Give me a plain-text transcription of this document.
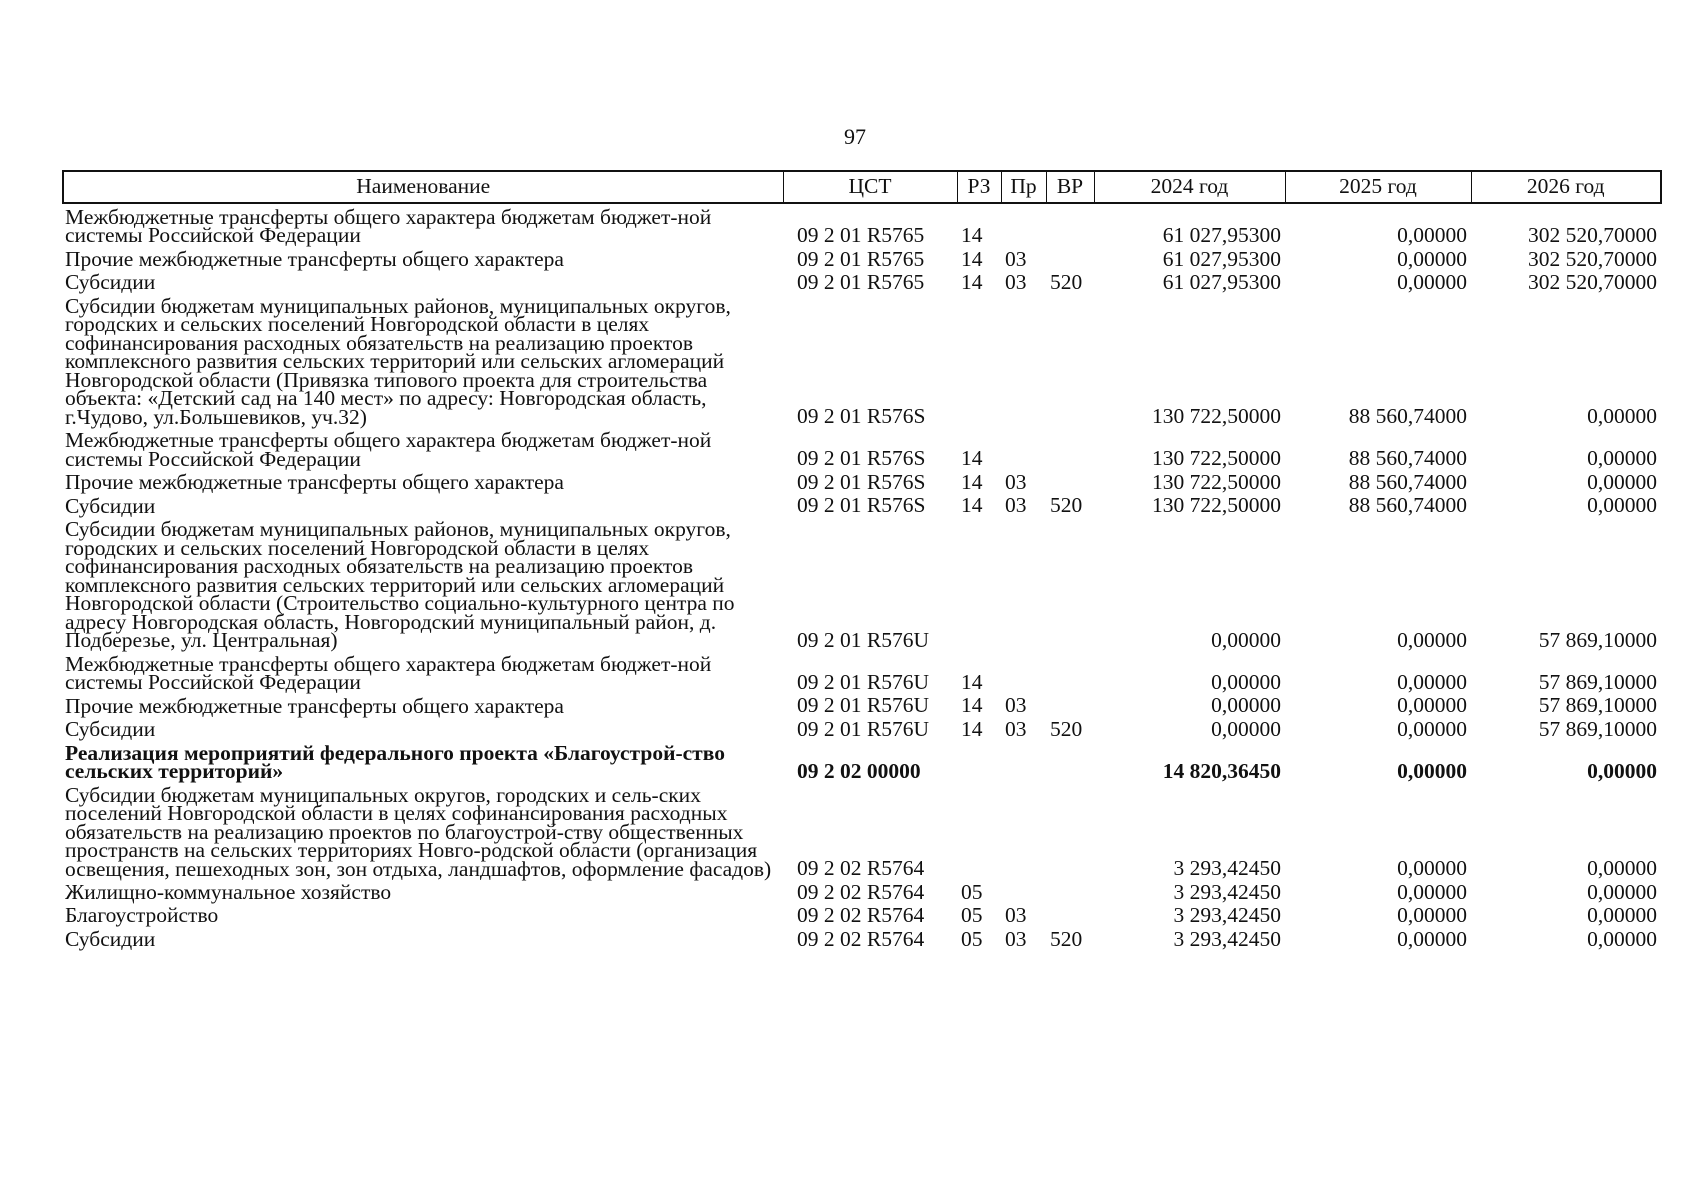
97
Наименование	ЦСТ	РЗ	Пр	ВР	2024 год	2025 год	2026 год
Межбюджетные трансферты общего характера бюджетам бюджет-ной системы Российской Федерации	09 2 01 R5765	14			61 027,95300	0,00000	302 520,70000
Прочие межбюджетные трансферты общего характера	09 2 01 R5765	14	03		61 027,95300	0,00000	302 520,70000
Субсидии	09 2 01 R5765	14	03	520	61 027,95300	0,00000	302 520,70000
Субсидии бюджетам муниципальных районов, муниципальных округов, городских и сельских поселений Новгородской области в целях софинансирования расходных обязательств на реализацию проектов комплексного развития сельских территорий или сельских агломераций Новгородской области (Привязка типового проекта для строительства объекта: «Детский сад на 140 мест» по адресу: Новгородская область, г.Чудово, ул.Большевиков, уч.32)	09 2 01 R576S				130 722,50000	88 560,74000	0,00000
Межбюджетные трансферты общего характера бюджетам бюджет-ной системы Российской Федерации	09 2 01 R576S	14			130 722,50000	88 560,74000	0,00000
Прочие межбюджетные трансферты общего характера	09 2 01 R576S	14	03		130 722,50000	88 560,74000	0,00000
Субсидии	09 2 01 R576S	14	03	520	130 722,50000	88 560,74000	0,00000
Субсидии бюджетам муниципальных районов, муниципальных округов, городских и сельских поселений Новгородской области в целях софинансирования расходных обязательств на реализацию проектов комплексного развития сельских территорий или сельских агломераций Новгородской области (Строительство социально-культурного центра по адресу Новгородская область, Новгородский муниципальный район, д. Подберезье, ул. Центральная)	09 2 01 R576U				0,00000	0,00000	57 869,10000
Межбюджетные трансферты общего характера бюджетам бюджет-ной системы Российской Федерации	09 2 01 R576U	14			0,00000	0,00000	57 869,10000
Прочие межбюджетные трансферты общего характера	09 2 01 R576U	14	03		0,00000	0,00000	57 869,10000
Субсидии	09 2 01 R576U	14	03	520	0,00000	0,00000	57 869,10000
Реализация мероприятий федерального проекта «Благоустрой-ство сельских территорий»	09 2 02 00000				14 820,36450	0,00000	0,00000
Субсидии бюджетам муниципальных округов, городских и сель-ских поселений Новгородской области в целях софинансирования расходных обязательств на реализацию проектов по благоустрой-ству общественных пространств на сельских территориях Новго-родской области (организация освещения, пешеходных зон, зон отдыха, ландшафтов, оформление фасадов)	09 2 02 R5764				3 293,42450	0,00000	0,00000
Жилищно-коммунальное хозяйство	09 2 02 R5764	05			3 293,42450	0,00000	0,00000
Благоустройство	09 2 02 R5764	05	03		3 293,42450	0,00000	0,00000
Субсидии	09 2 02 R5764	05	03	520	3 293,42450	0,00000	0,00000
